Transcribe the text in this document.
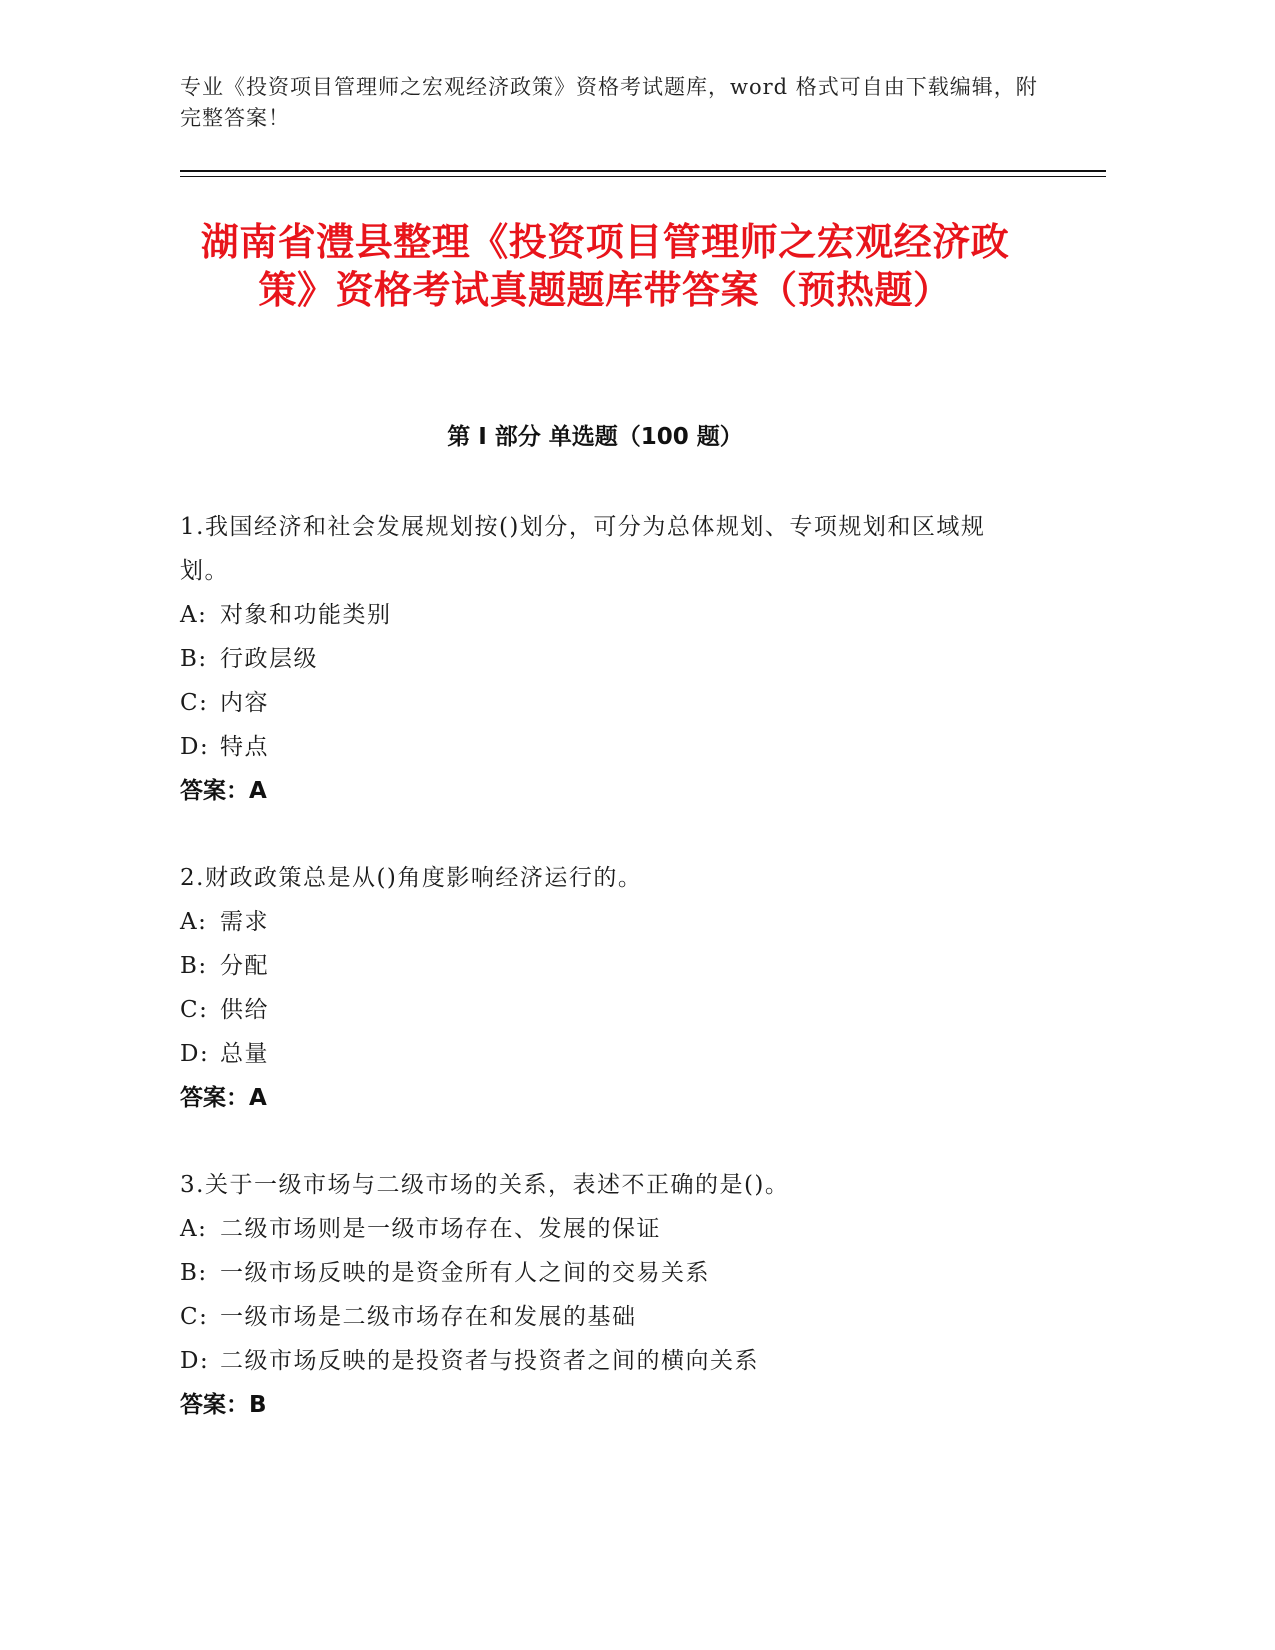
专业《投资项目管理师之宏观经济政策》资格考试题库，word 格式可自由下载编辑，附完整答案！
湖南省澧县整理《投资项目管理师之宏观经济政策》资格考试真题题库带答案（预热题）
第 I 部分 单选题（100 题）
1.我国经济和社会发展规划按()划分，可分为总体规划、专项规划和区域规划。
A: 对象和功能类别
B: 行政层级
C: 内容
D: 特点
答案：A
2.财政政策总是从()角度影响经济运行的。
A: 需求
B: 分配
C: 供给
D: 总量
答案：A
3.关于一级市场与二级市场的关系，表述不正确的是()。
A: 二级市场则是一级市场存在、发展的保证
B: 一级市场反映的是资金所有人之间的交易关系
C: 一级市场是二级市场存在和发展的基础
D: 二级市场反映的是投资者与投资者之间的横向关系
答案：B
